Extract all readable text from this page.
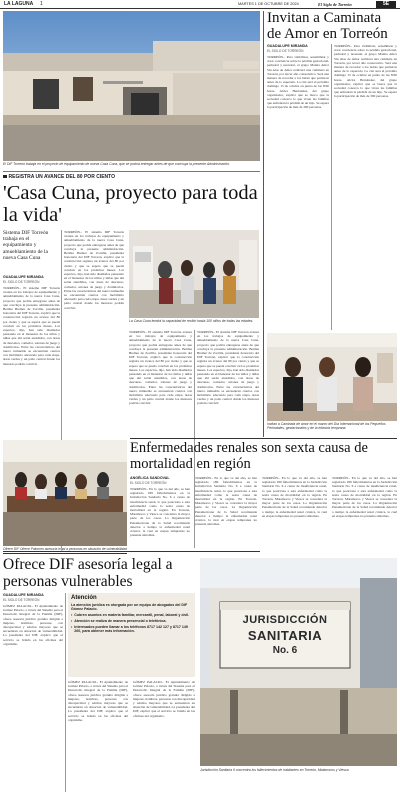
LA LAGUNA 1	MARTES 1 DE OCTUBRE DE 2024	El Siglo de Torreón	5E
El DIF Torreón trabaja en el proyecto de equipamiento de nueva Casa Cuna, que se podría entregar antes de que concluya la presente Administración.
REGISTRA UN AVANCE DEL 80 POR CIENTO
'Casa Cuna, proyecto para toda la vida'
Sistema DIF Torreón trabaja en el equipamiento y amueblamiento de la nueva Casa Cuna
GUADALUPE MIRANDA
EL SIGLO DE TORREÓN
TORREÓN.- El sistema DIF Torreón avanza en los trabajos de equipamiento y amueblamiento de la nueva Casa Cuna, proyecto que podría entregarse antes de que concluya la presente administración. Bettina Bremer de Zorrilla, presidenta honoraria del DIF Torreón, explicó que la construcción registra un avance del 80 por ciento y que se espera que se pueda concluir en los próximos meses. Los espacios, dijo, han sido diseñados pensando en el bienestar de los niños y niñas que ahí serán atendidos, con áreas de descanso, comedor, salones de juego y dormitorios. Entre las características del nuevo inmueble se encuentran cuartos con mobiliario adecuado para cada etapa, áreas verdes y un patio central donde los menores podrán convivir.
TORREÓN.- El sistema DIF Torreón avanza en los trabajos de equipamiento y amueblamiento de la nueva Casa Cuna, proyecto que podría entregarse antes de que concluya la presente administración. Bettina Bremer de Zorrilla, presidenta honoraria del DIF Torreón, explicó que la construcción registra un avance del 80 por ciento y que se espera que se pueda concluir en los próximos meses. Los espacios, dijo, han sido diseñados pensando en el bienestar de los niños y niñas que ahí serán atendidos, con áreas de descanso, comedor, salones de juego y dormitorios. Entre las características del nuevo inmueble se encuentran cuartos con mobiliario adecuado para cada etapa, áreas verdes y un patio central donde los menores podrán convivir.
La Casa Cuna tendrá la capacidad de recibir hasta 100 niños de todas las edades.
TORREÓN.- El sistema DIF Torreón avanza en los trabajos de equipamiento y amueblamiento de la nueva Casa Cuna, proyecto que podría entregarse antes de que concluya la presente administración. Bettina Bremer de Zorrilla, presidenta honoraria del DIF Torreón, explicó que la construcción registra un avance del 80 por ciento y que se espera que se pueda concluir en los próximos meses. Los espacios, dijo, han sido diseñados pensando en el bienestar de los niños y niñas que ahí serán atendidos, con áreas de descanso, comedor, salones de juego y dormitorios. Entre las características del nuevo inmueble se encuentran cuartos con mobiliario adecuado para cada etapa, áreas verdes y un patio central donde los menores podrán convivir.
TORREÓN.- El sistema DIF Torreón avanza en los trabajos de equipamiento y amueblamiento de la nueva Casa Cuna, proyecto que podría entregarse antes de que concluya la presente administración. Bettina Bremer de Zorrilla, presidenta honoraria del DIF Torreón, explicó que la construcción registra un avance del 80 por ciento y que se espera que se pueda concluir en los próximos meses. Los espacios, dijo, han sido diseñados pensando en el bienestar de los niños y niñas que ahí serán atendidos, con áreas de descanso, comedor, salones de juego y dormitorios. Entre las características del nuevo inmueble se encuentran cuartos con mobiliario adecuado para cada etapa, áreas verdes y un patio central donde los menores podrán convivir.
Invitan a Caminata de Amor en Torreón
GUADALUPE MIRANDA
EL SIGLO DE TORREÓN
TORREÓN.- Para visibilizar, sensibilizar y crear conciencia sobre la pérdida gestacional, perinatal y neonatal, el grupo Manita Amor Sin Alas de Amor realizará una caminata en Torreón, por tercer año consecutivo. Será una manera de recordar a los bebés que partieron antes de lo esperado. La cita será el próximo domingo 13 de octubre en punto de las 8:00 horas. Alcira Hernández, del grupo organizador, explicó que se busca que la sociedad conozca lo que viven las familias que enfrentan la pérdida de un hijo. Se espera la participación de más de 300 personas.
TORREÓN.- Para visibilizar, sensibilizar y crear conciencia sobre la pérdida gestacional, perinatal y neonatal, el grupo Manita Amor Sin Alas de Amor realizará una caminata en Torreón, por tercer año consecutivo. Será una manera de recordar a los bebés que partieron antes de lo esperado. La cita será el próximo domingo 13 de octubre en punto de las 8:00 horas. Alcira Hernández, del grupo organizador, explicó que se busca que la sociedad conozca lo que viven las familias que enfrentan la pérdida de un hijo. Se espera la participación de más de 300 personas.
Invitan a Caminata de amor en el marco del Día Internacional de los Pequeños Perinatales, gestacionales y de la infancia temprana.
Enfermedades renales son sexta causa de mortalidad en región
ANGÉLICA SANDOVAL
EL SIGLO DE TORREÓN
TORREÓN.- En lo que va del año, se han registrado 189 fallecimientos en la Jurisdicción Sanitaria No. 6 a causa de insuficiencia renal, lo que posiciona a esta enfermedad como la sexta causa de mortalidad en la región. En Torreón, Matamoros y Viesca se concentra la mayor parte de los casos. La Organización Panamericana de la Salud recomienda detectar a tiempo la enfermedad renal crónica, la cual en etapas tempranas no presenta síntomas.
TORREÓN.- En lo que va del año, se han registrado 189 fallecimientos en la Jurisdicción Sanitaria No. 6 a causa de insuficiencia renal, lo que posiciona a esta enfermedad como la sexta causa de mortalidad en la región. En Torreón, Matamoros y Viesca se concentra la mayor parte de los casos. La Organización Panamericana de la Salud recomienda detectar a tiempo la enfermedad renal crónica, la cual en etapas tempranas no presenta síntomas.
TORREÓN.- En lo que va del año, se han registrado 189 fallecimientos en la Jurisdicción Sanitaria No. 6 a causa de insuficiencia renal, lo que posiciona a esta enfermedad como la sexta causa de mortalidad en la región. En Torreón, Matamoros y Viesca se concentra la mayor parte de los casos. La Organización Panamericana de la Salud recomienda detectar a tiempo la enfermedad renal crónica, la cual en etapas tempranas no presenta síntomas.
TORREÓN.- En lo que va del año, se han registrado 189 fallecimientos en la Jurisdicción Sanitaria No. 6 a causa de insuficiencia renal, lo que posiciona a esta enfermedad como la sexta causa de mortalidad en la región. En Torreón, Matamoros y Viesca se concentra la mayor parte de los casos. La Organización Panamericana de la Salud recomienda detectar a tiempo la enfermedad renal crónica, la cual en etapas tempranas no presenta síntomas.
Ofrece DIF Ofrece Palomeo asesoría legal a personas en situación de vulnerabilidad
Ofrece DIF asesoría legal a personas vulnerables
GUADALUPE MIRANDA
EL SIGLO DE TORREÓN
GÓMEZ PALACIO.- El Ayuntamiento de Gómez Palacio, a través del Sistema para el Desarrollo Integral de la Familia (DIF), ofrece asesoría jurídica gratuita dirigida a mujeres, hombres, personas con discapacidad y adultos mayores que se encuentren en situación de vulnerabilidad. La presidenta del DIF, explicó que el servicio se brinda en las oficinas del organismo.
Atención
La atención jurídica es otorgada por un equipo de abogados del DIF Gómez Palacio.
• Cubren asuntos en materia familiar, mercantil, penal, laboral y civil.
• Atención se realiza de manera presencial o telefónica.
• Interesados pueden llamar a los teléfonos 8717 142 127 y 8717 149 260, para obtener más información.
GÓMEZ PALACIO.- El Ayuntamiento de Gómez Palacio, a través del Sistema para el Desarrollo Integral de la Familia (DIF), ofrece asesoría jurídica gratuita dirigida a mujeres, hombres, personas con discapacidad y adultos mayores que se encuentren en situación de vulnerabilidad. La presidenta del DIF, explicó que el servicio se brinda en las oficinas del organismo.
GÓMEZ PALACIO.- El Ayuntamiento de Gómez Palacio, a través del Sistema para el Desarrollo Integral de la Familia (DIF), ofrece asesoría jurídica gratuita dirigida a mujeres, hombres, personas con discapacidad y adultos mayores que se encuentren en situación de vulnerabilidad. La presidenta del DIF, explicó que el servicio se brinda en las oficinas del organismo.
JURISDICCIÓN
SANITARIA
No. 6
Jurisdicción Sanitaria 6 concentra los fallecimientos de habitantes en Torreón, Matamoros y Viesca.
